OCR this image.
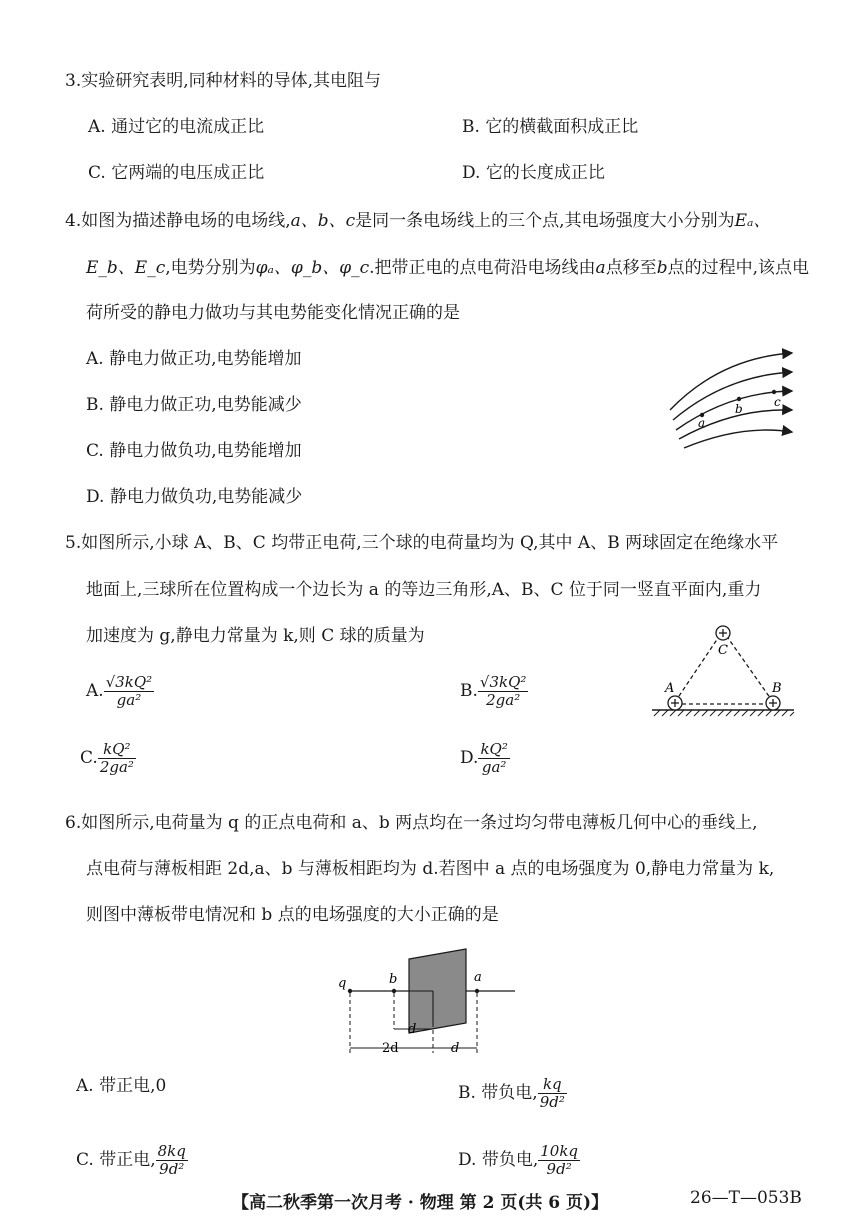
3.实验研究表明,同种材料的导体,其电阻与
A. 通过它的电流成正比	B. 它的横截面积成正比
C. 它两端的电压成正比	D. 它的长度成正比
4.如图为描述静电场的电场线,a、b、c是同一条电场线上的三个点,其电场强度大小分别为Eₐ、
E_b、E_c,电势分别为φₐ、φ_b、φ_c.把带正电的点电荷沿电场线由a点移至b点的过程中,该点电
荷所受的静电力做功与其电势能变化情况正确的是
A. 静电力做正功,电势能增加
B. 静电力做正功,电势能减少
C. 静电力做负功,电势能增加
D. 静电力做负功,电势能减少
a
b	c
5.如图所示,小球 A、B、C 均带正电荷,三个球的电荷量均为 Q,其中 A、B 两球固定在绝缘水平
地面上,三球所在位置构成一个边长为 a 的等边三角形,A、B、C 位于同一竖直平面内,重力
加速度为 g,静电力常量为 k,则 C 球的质量为
A. $\frac{\text{√3kQ²}}{\text{ga²}}$	B. $\frac{\text{√3kQ²}}{\text{2ga²}}$
C. $\frac{\text{kQ²}}{\text{2ga²}}$	D. $\frac{\text{kQ²}}{\text{ga²}}$
C
A	B
6.如图所示,电荷量为 q 的正点电荷和 a、b 两点均在一条过均匀带电薄板几何中心的垂线上,
点电荷与薄板相距 2d,a、b 与薄板相距均为 d.若图中 a 点的电场强度为 0,静电力常量为 k,
则图中薄板带电情况和 b 点的电场强度的大小正确的是
q	b	a
d
2d	d
A. 带正电,0	B. 带负电, $\frac{kq}{\text{9d²}}$
C. 带正电, $\frac{8kq}{\text{9d²}}$	D. 带负电, $\frac{10kq}{\text{9d²}}$
【高二秋季第一次月考 · 物理 第 2 页(共 6 页)】	26—T—053B
